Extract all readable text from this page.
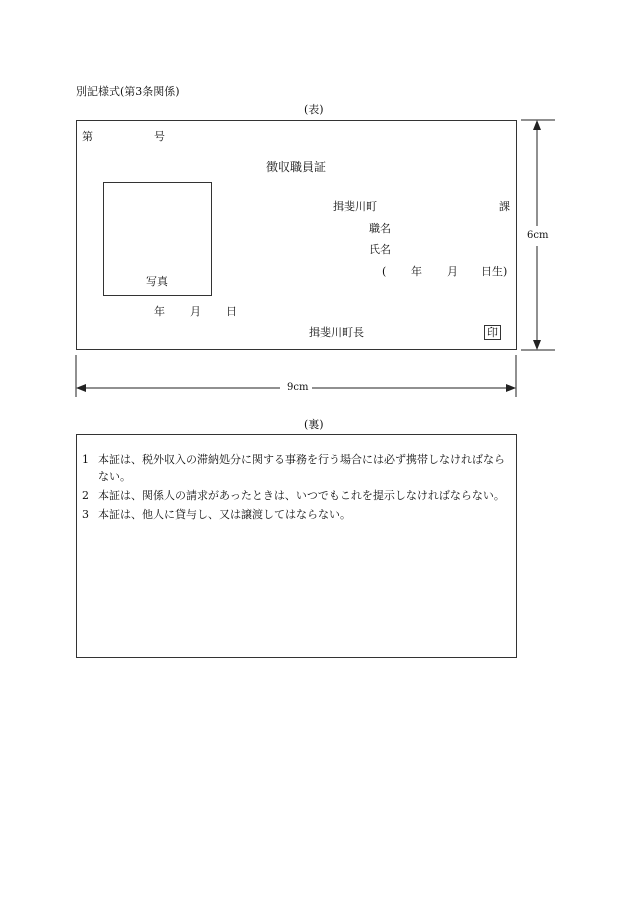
別記様式(第3条関係)
(表)
第	号
徴収職員証
写真
揖斐川町	課
職名
氏名
( 年 月 日生)
年 月 日
揖斐川町長	印
6cm
9cm
(裏)
1 本証は、税外収入の滞納処分に関する事務を行う場合には必ず携帯しなければならない。
2 本証は、関係人の請求があったときは、いつでもこれを提示しなければならない。
3 本証は、他人に貸与し、又は譲渡してはならない。
